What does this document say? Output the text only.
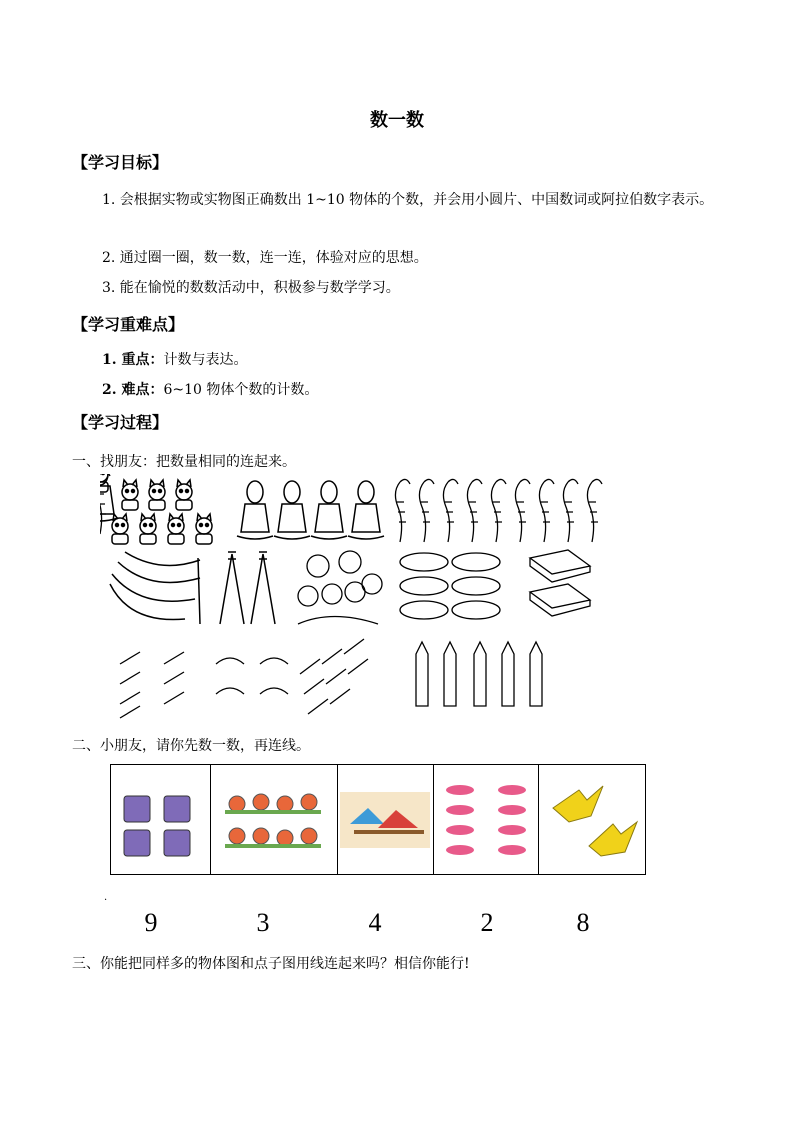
数一数
【学习目标】
1. 会根据实物或实物图正确数出 1~10 物体的个数，并会用小圆片、中国数词或阿拉伯数字表示。
2. 通过圈一圈，数一数，连一连，体验对应的思想。
3. 能在愉悦的数数活动中，积极参与数学学习。
【学习重难点】
1. 重点：计数与表达。
2. 难点：6~10 物体个数的计数。
【学习过程】
一、找朋友：把数量相同的连起来。
二、小朋友，请你先数一数，再连线。
.
9	3	4	2	8
三、你能把同样多的物体图和点子图用线连起来吗？相信你能行!
